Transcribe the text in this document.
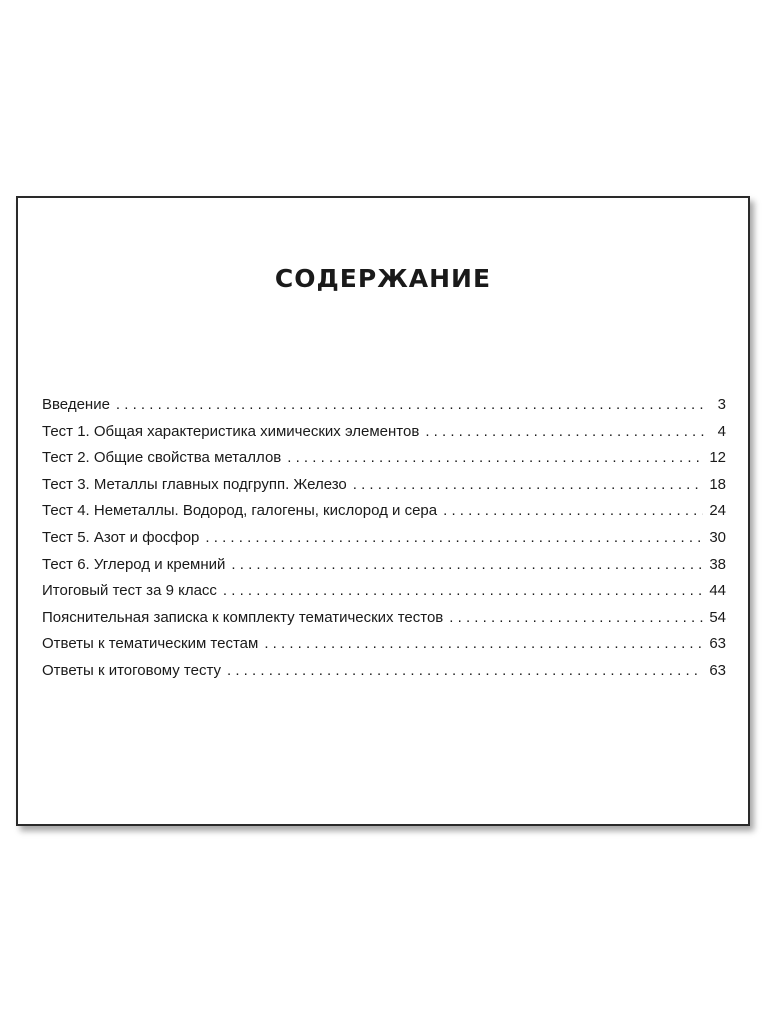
СОДЕРЖАНИЕ
Введение . . .	3
Тест 1. Общая характеристика химических элементов . . .	4
Тест 2. Общие свойства металлов . . .	12
Тест 3. Металлы главных подгрупп. Железо . . .	18
Тест 4. Неметаллы. Водород, галогены, кислород и сера . . .	24
Тест 5. Азот и фосфор . . .	30
Тест 6. Углерод и кремний . . .	38
Итоговый тест за 9 класс . . .	44
Пояснительная записка к комплекту тематических тестов . . .	54
Ответы к тематическим тестам . . .	63
Ответы к итоговому тесту . . .	63
